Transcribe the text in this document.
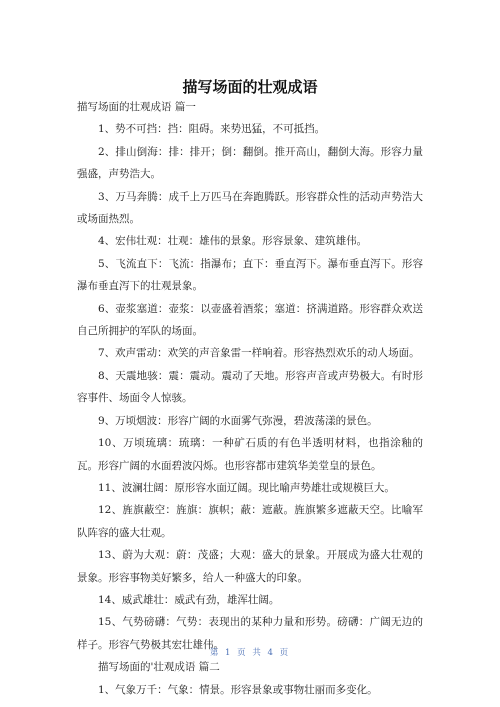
描写场面的壮观成语

描写场面的壮观成语 篇一

1、势不可挡：挡：阻碍。来势迅猛，不可抵挡。

2、排山倒海：排：排开；倒：翻倒。推开高山，翻倒大海。形容力量强盛，声势浩大。

3、万马奔腾：成千上万匹马在奔跑腾跃。形容群众性的活动声势浩大或场面热烈。

4、宏伟壮观：壮观：雄伟的景象。形容景象、建筑雄伟。

5、飞流直下：飞流：指瀑布；直下：垂直泻下。瀑布垂直泻下。形容瀑布垂直泻下的壮观景象。

6、壶浆塞道：壶浆：以壶盛着酒浆；塞道：挤满道路。形容群众欢送自己所拥护的军队的场面。

7、欢声雷动：欢笑的声音象雷一样响着。形容热烈欢乐的动人场面。

8、天震地骇：震：震动。震动了天地。形容声音或声势极大。有时形容事件、场面令人惊骇。

9、万顷烟波：形容广阔的水面雾气弥漫，碧波荡漾的景色。

10、万顷琉璃：琉璃：一种矿石质的有色半透明材料，也指涂釉的瓦。形容广阔的水面碧波闪烁。也形容都市建筑华美堂皇的景色。

11、波澜壮阔：原形容水面辽阔。现比喻声势雄壮或规模巨大。

12、旌旗蔽空：旌旗：旗帜；蔽：遮蔽。旌旗繁多遮蔽天空。比喻军队阵容的盛大壮观。

13、蔚为大观：蔚：茂盛；大观：盛大的景象。开展成为盛大壮观的景象。形容事物美好繁多，给人一种盛大的印象。

14、威武雄壮：威武有劲，雄浑壮阔。

15、气势磅礴：气势：表现出的某种力量和形势。磅礴：广阔无边的样子。形容气势极其宏壮雄伟。

描写场面的'壮观成语 篇二

1、气象万千：气象：情景。形容景象或事物壮丽而多变化。

第 1 页 共 4 页
